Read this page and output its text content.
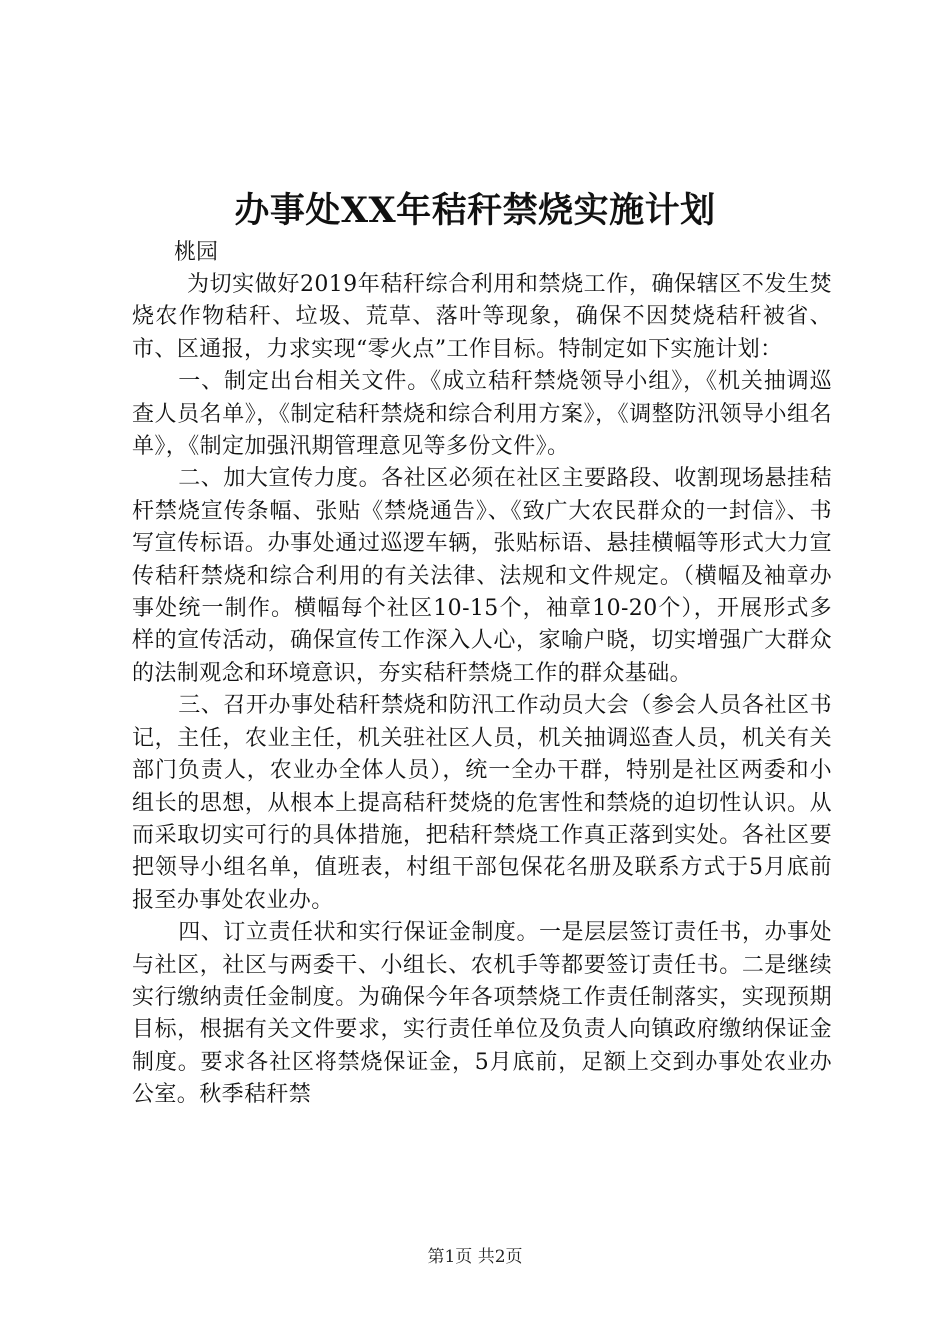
办事处XX年秸秆禁烧实施计划

桃园

为切实做好2019年秸秆综合利用和禁烧工作，确保辖区不发生焚烧农作物秸秆、垃圾、荒草、落叶等现象，确保不因焚烧秸秆被省、市、区通报，力求实现“零火点”工作目标。特制定如下实施计划：

一、制定出台相关文件。《成立秸秆禁烧领导小组》，《机关抽调巡查人员名单》，《制定秸秆禁烧和综合利用方案》，《调整防汛领导小组名单》，《制定加强汛期管理意见等多份文件》。

二、加大宣传力度。各社区必须在社区主要路段、收割现场悬挂秸杆禁烧宣传条幅、张贴《禁烧通告》、《致广大农民群众的一封信》、书写宣传标语。办事处通过巡逻车辆，张贴标语、悬挂横幅等形式大力宣传秸秆禁烧和综合利用的有关法律、法规和文件规定。（横幅及袖章办事处统一制作。横幅每个社区10-15个，袖章10-20个），开展形式多样的宣传活动，确保宣传工作深入人心，家喻户晓，切实增强广大群众的法制观念和环境意识，夯实秸秆禁烧工作的群众基础。

三、召开办事处秸秆禁烧和防汛工作动员大会（参会人员各社区书记，主任，农业主任，机关驻社区人员，机关抽调巡查人员，机关有关部门负责人，农业办全体人员），统一全办干群，特别是社区两委和小组长的思想，从根本上提高秸秆焚烧的危害性和禁烧的迫切性认识。从而采取切实可行的具体措施，把秸秆禁烧工作真正落到实处。各社区要把领导小组名单，值班表，村组干部包保花名册及联系方式于5月底前报至办事处农业办。

四、订立责任状和实行保证金制度。一是层层签订责任书，办事处与社区，社区与两委干、小组长、农机手等都要签订责任书。二是继续实行缴纳责任金制度。为确保今年各项禁烧工作责任制落实，实现预期目标，根据有关文件要求，实行责任单位及负责人向镇政府缴纳保证金制度。要求各社区将禁烧保证金，5月底前，足额上交到办事处农业办公室。秋季秸秆禁

第1页 共2页
